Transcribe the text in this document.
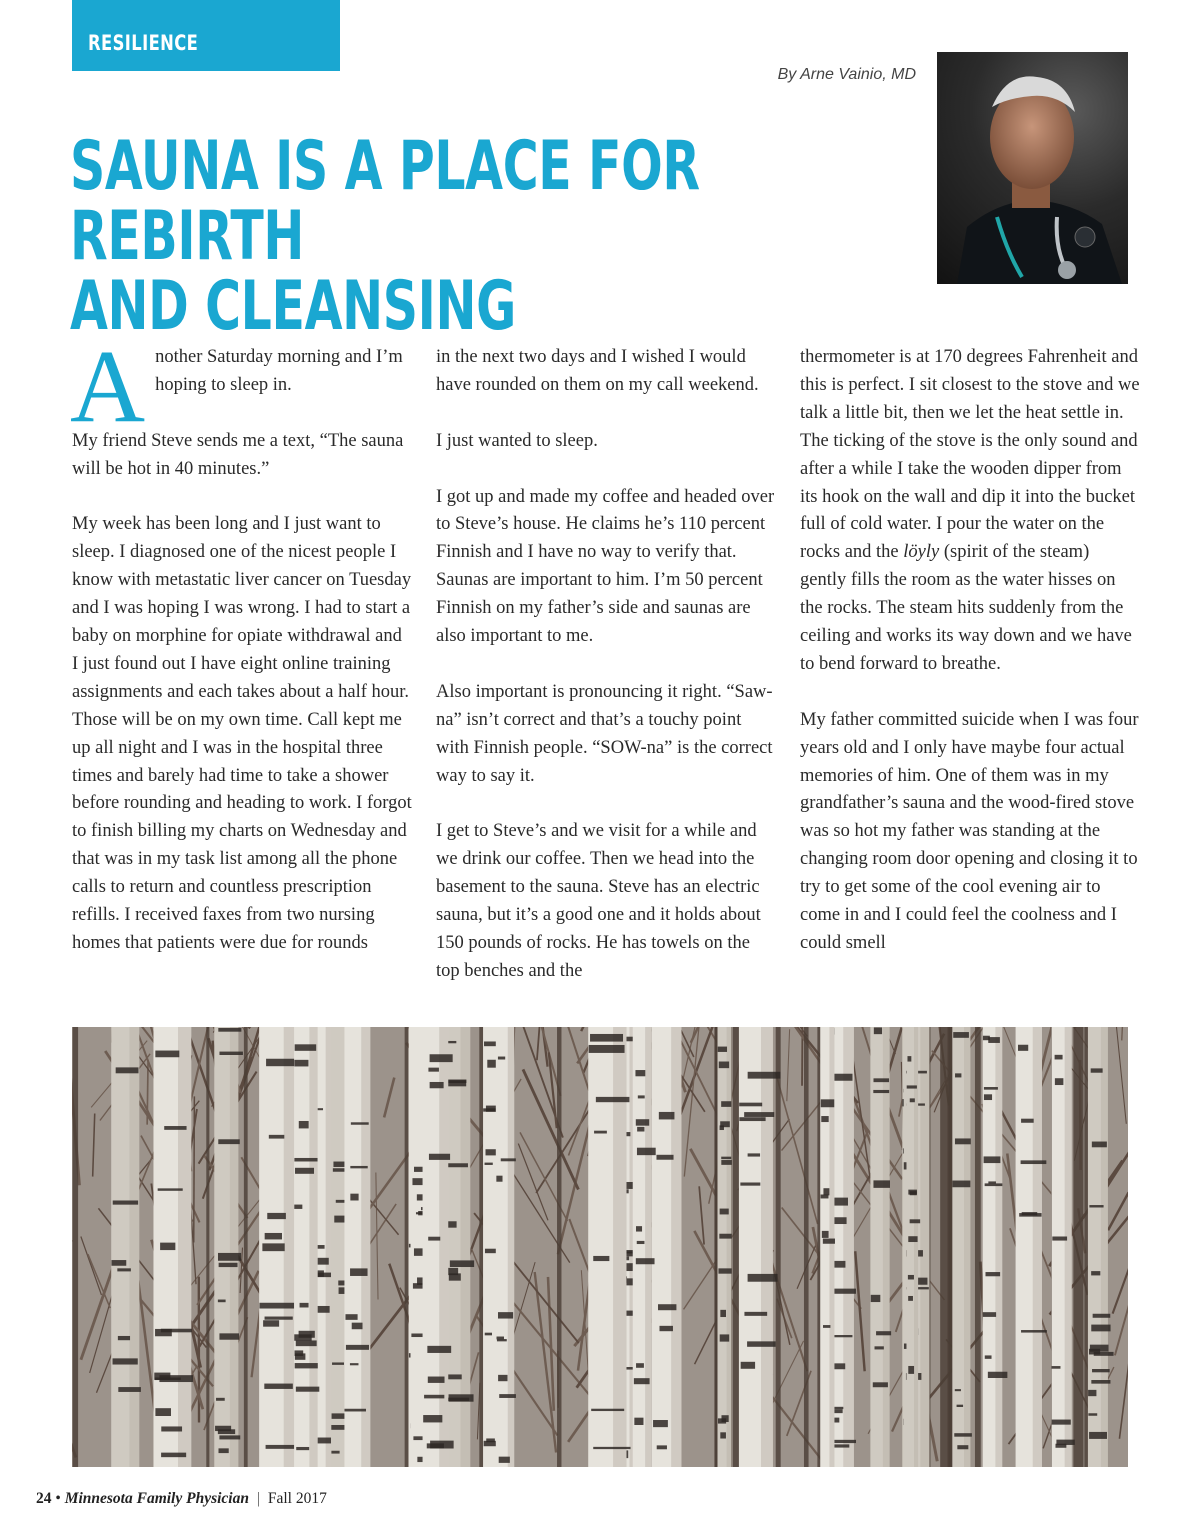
RESILIENCE
By Arne Vainio, MD
SAUNA IS A PLACE FOR REBIRTH
AND CLEANSING

Another Saturday morning and I’m hoping to sleep in.

My friend Steve sends me a text, “The sauna will be hot in 40 minutes.”

My week has been long and I just want to sleep. I diagnosed one of the nicest people I know with metastatic liver cancer on Tuesday and I was hoping I was wrong. I had to start a baby on morphine for opiate withdrawal and I just found out I have eight online training assignments and each takes about a half hour. Those will be on my own time. Call kept me up all night and I was in the hospital three times and barely had time to take a shower before rounding and heading to work. I forgot to finish billing my charts on Wednesday and that was in my task list among all the phone calls to return and countless prescription refills. I received faxes from two nursing homes that patients were due for rounds

in the next two days and I wished I would have rounded on them on my call weekend.

I just wanted to sleep.

I got up and made my coffee and headed over to Steve’s house. He claims he’s 110 percent Finnish and I have no way to verify that. Saunas are important to him. I’m 50 percent Finnish on my father’s side and saunas are also important to me.

Also important is pronouncing it right. “Saw-na” isn’t correct and that’s a touchy point with Finnish people. “SOW-na” is the correct way to say it.

I get to Steve’s and we visit for a while and we drink our coffee. Then we head into the basement to the sauna. Steve has an electric sauna, but it’s a good one and it holds about 150 pounds of rocks. He has towels on the top benches and the

thermometer is at 170 degrees Fahrenheit and this is perfect. I sit closest to the stove and we talk a little bit, then we let the heat settle in. The ticking of the stove is the only sound and after a while I take the wooden dipper from its hook on the wall and dip it into the bucket full of cold water. I pour the water on the rocks and the löyly (spirit of the steam) gently fills the room as the water hisses on the rocks. The steam hits suddenly from the ceiling and works its way down and we have to bend forward to breathe.

My father committed suicide when I was four years old and I only have maybe four actual memories of him. One of them was in my grandfather’s sauna and the wood-fired stove was so hot my father was standing at the changing room door opening and closing it to try to get some of the cool evening air to come in and I could feel the coolness and I could smell

24 • Minnesota Family Physician | Fall 2017
